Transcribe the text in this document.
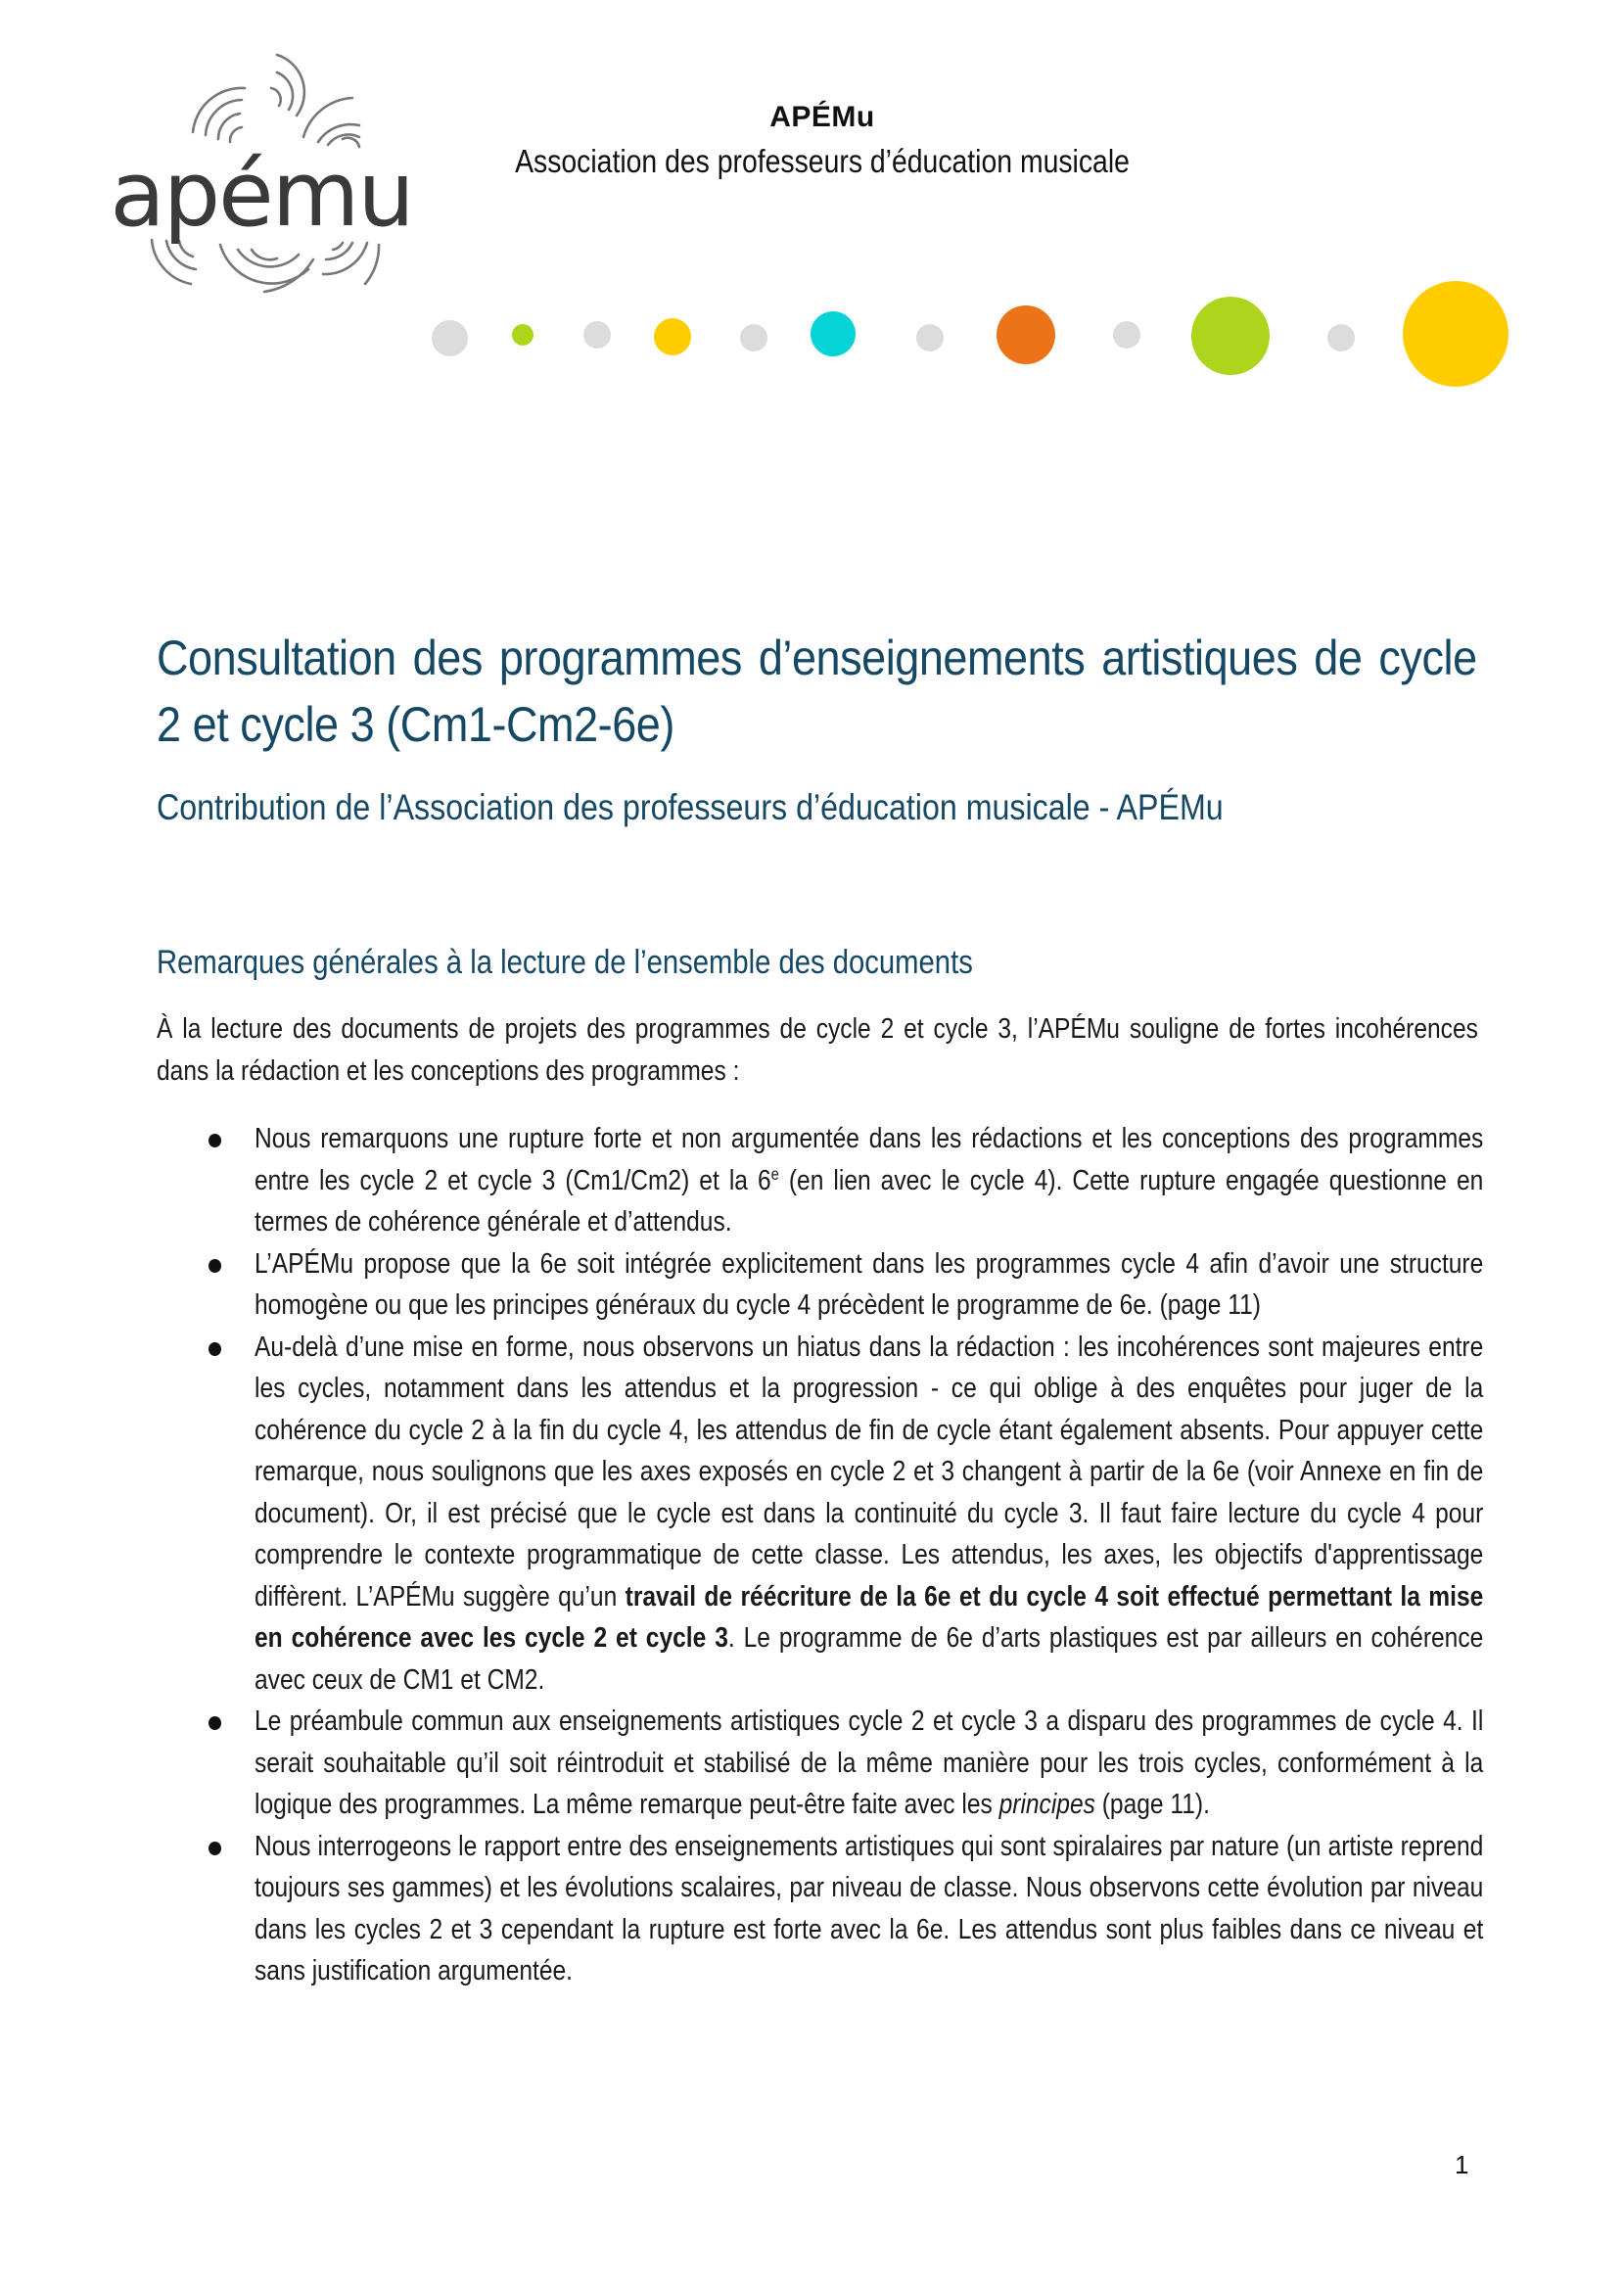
apému
APÉMu
Association des professeurs d’éducation musicale
Consultation des programmes d’enseignements artistiques de cycle 2 et cycle 3 (Cm1-Cm2-6e)
Contribution de l’Association des professeurs d’éducation musicale - APÉMu
Remarques générales à la lecture de l’ensemble des documents
À la lecture des documents de projets des programmes de cycle 2 et cycle 3, l’APÉMu souligne de fortes incohérences dans la rédaction et les conceptions des programmes :
Nous remarquons une rupture forte et non argumentée dans les rédactions et les conceptions des programmes entre les cycle 2 et cycle 3 (Cm1/Cm2) et la 6e (en lien avec le cycle 4). Cette rupture engagée questionne en termes de cohérence générale et d’attendus.
L’APÉMu propose que la 6e soit intégrée explicitement dans les programmes cycle 4 afin d’avoir une structure homogène ou que les principes généraux du cycle 4 précèdent le programme de 6e. (page 11)
Au-delà d’une mise en forme, nous observons un hiatus dans la rédaction : les incohérences sont majeures entre les cycles, notamment dans les attendus et la progression - ce qui oblige à des enquêtes pour juger de la cohérence du cycle 2 à la fin du cycle 4, les attendus de fin de cycle étant également absents. Pour appuyer cette remarque, nous soulignons que les axes exposés en cycle 2 et 3 changent à partir de la 6e (voir Annexe en fin de document). Or, il est précisé que le cycle est dans la continuité du cycle 3. Il faut faire lecture du cycle 4 pour comprendre le contexte programmatique de cette classe. Les attendus, les axes, les objectifs d'apprentissage diffèrent. L’APÉMu suggère qu’un travail de réécriture de la 6e et du cycle 4 soit effectué permettant la mise en cohérence avec les cycle 2 et cycle 3. Le programme de 6e d’arts plastiques est par ailleurs en cohérence avec ceux de CM1 et CM2.
Le préambule commun aux enseignements artistiques cycle 2 et cycle 3 a disparu des programmes de cycle 4. Il serait souhaitable qu’il soit réintroduit et stabilisé de la même manière pour les trois cycles, conformément à la logique des programmes. La même remarque peut-être faite avec les principes (page 11).
Nous interrogeons le rapport entre des enseignements artistiques qui sont spiralaires par nature (un artiste reprend toujours ses gammes) et les évolutions scalaires, par niveau de classe. Nous observons cette évolution par niveau dans les cycles 2 et 3 cependant la rupture est forte avec la 6e. Les attendus sont plus faibles dans ce niveau et sans justification argumentée.
1
